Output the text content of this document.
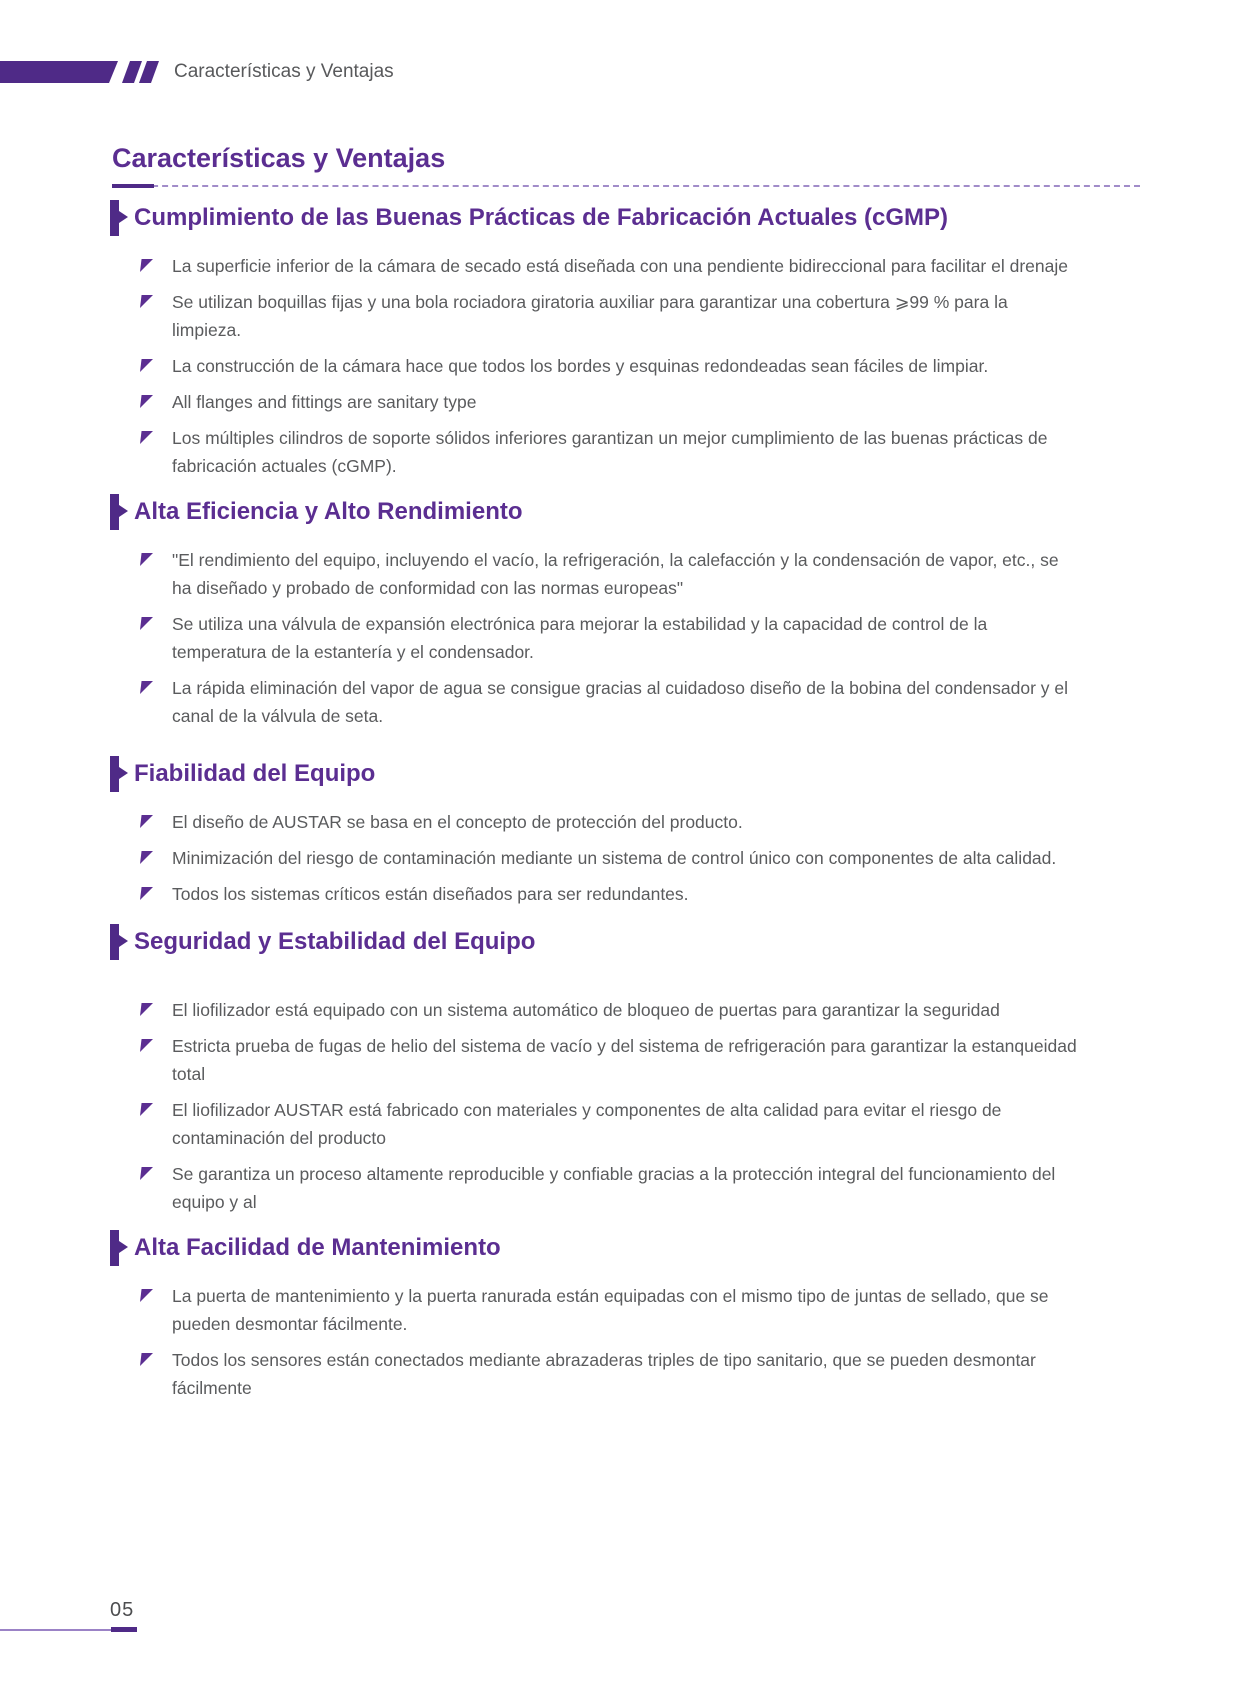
Características y Ventajas
Características y Ventajas
Cumplimiento de las Buenas Prácticas de Fabricación Actuales (cGMP)
La superficie inferior de la cámara de secado está diseñada con una pendiente bidireccional para facilitar el drenaje
Se utilizan boquillas fijas y una bola rociadora giratoria auxiliar para garantizar una cobertura ⩾99 % para la limpieza.
La construcción de la cámara hace que todos los bordes y esquinas redondeadas sean fáciles de limpiar.
All flanges and fittings are sanitary type
Los múltiples cilindros de soporte sólidos inferiores garantizan un mejor cumplimiento de las buenas prácticas de fabricación actuales (cGMP).
Alta Eficiencia y Alto Rendimiento
"El rendimiento del equipo, incluyendo el vacío, la refrigeración, la calefacción y la condensación de vapor, etc., se ha diseñado y probado de conformidad con las normas europeas"
Se utiliza una válvula de expansión electrónica para mejorar la estabilidad y la capacidad de control de la temperatura de la estantería y el condensador.
La rápida eliminación del vapor de agua se consigue gracias al cuidadoso diseño de la bobina del condensador y el canal de la válvula de seta.
Fiabilidad del Equipo
El diseño de AUSTAR se basa en el concepto de protección del producto.
Minimización del riesgo de contaminación mediante un sistema de control único con componentes de alta calidad.
Todos los sistemas críticos están diseñados para ser redundantes.
Seguridad y Estabilidad del Equipo
El liofilizador está equipado con un sistema automático de bloqueo de puertas para garantizar la seguridad
Estricta prueba de fugas de helio del sistema de vacío y del sistema de refrigeración para garantizar la estanqueidad total
El liofilizador AUSTAR está fabricado con materiales y componentes de alta calidad para evitar el riesgo de contaminación del producto
Se garantiza un proceso altamente reproducible y confiable gracias a la protección integral del funcionamiento del equipo y al
Alta Facilidad de Mantenimiento
La puerta de mantenimiento y la puerta ranurada están equipadas con el mismo tipo de juntas de sellado, que se pueden desmontar fácilmente.
Todos los sensores están conectados mediante abrazaderas triples de tipo sanitario, que se pueden desmontar fácilmente
05
